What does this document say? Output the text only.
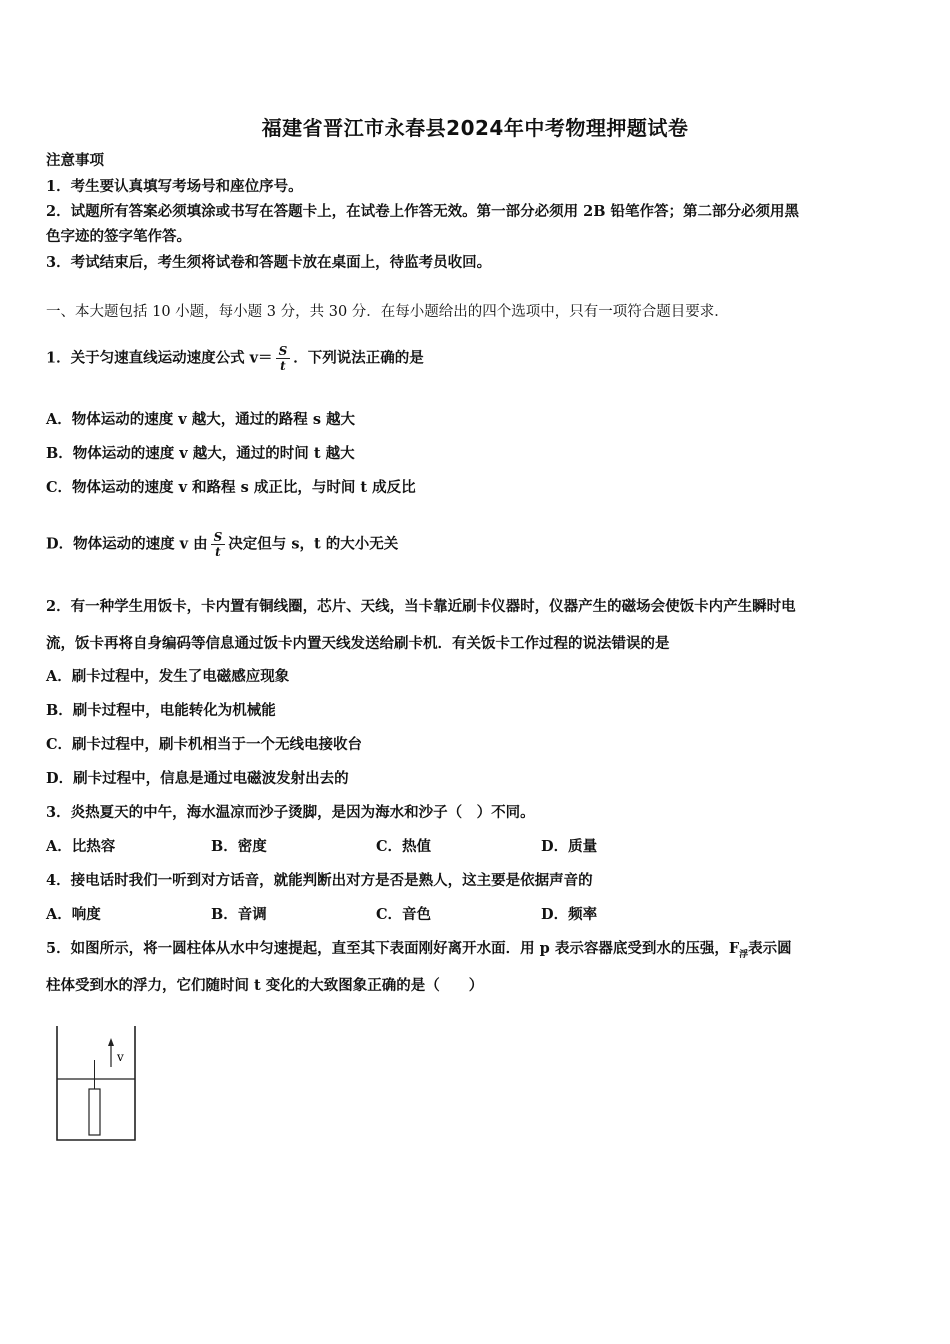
福建省晋江市永春县2024年中考物理押题试卷
注意事项
1．考生要认真填写考场号和座位序号。
2．试题所有答案必须填涂或书写在答题卡上，在试卷上作答无效。第一部分必须用 2B 铅笔作答；第二部分必须用黑
色字迹的签字笔作答。
3．考试结束后，考生须将试卷和答题卡放在桌面上，待监考员收回。
一、本大题包括 10 小题，每小题 3 分，共 30 分．在每小题给出的四个选项中，只有一项符合题目要求．
1．关于匀速直线运动速度公式 $v= \frac{S}{t}$ ．下列说法正确的是
A．物体运动的速度 v 越大，通过的路程 s 越大
B．物体运动的速度 v 越大，通过的时间 t 越大
C．物体运动的速度 v 和路程 s 成正比，与时间 t 成反比
D．物体运动的速度 v 由 $\frac{S}{t}$ 决定但与 s，t 的大小无关
2．有一种学生用饭卡，卡内置有铜线圈，芯片、天线，当卡靠近刷卡仪器时，仪器产生的磁场会使饭卡内产生瞬时电
流，饭卡再将自身编码等信息通过饭卡内置天线发送给刷卡机．有关饭卡工作过程的说法错误的是
A．刷卡过程中，发生了电磁感应现象
B．刷卡过程中，电能转化为机械能
C．刷卡过程中，刷卡机相当于一个无线电接收台
D．刷卡过程中，信息是通过电磁波发射出去的
3．炎热夏天的中午，海水温凉而沙子烫脚，是因为海水和沙子（　）不同。
A．比热容	B．密度	C．热值	D．质量
4．接电话时我们一听到对方话音，就能判断出对方是否是熟人，这主要是依据声音的
A．响度	B．音调	C．音色	D．频率
5．如图所示，将一圆柱体从水中匀速提起，直至其下表面刚好离开水面．用 p 表示容器底受到水的压强，$F_浮$表示圆
柱体受到水的浮力，它们随时间 t 变化的大致图象正确的是（　　）
v
